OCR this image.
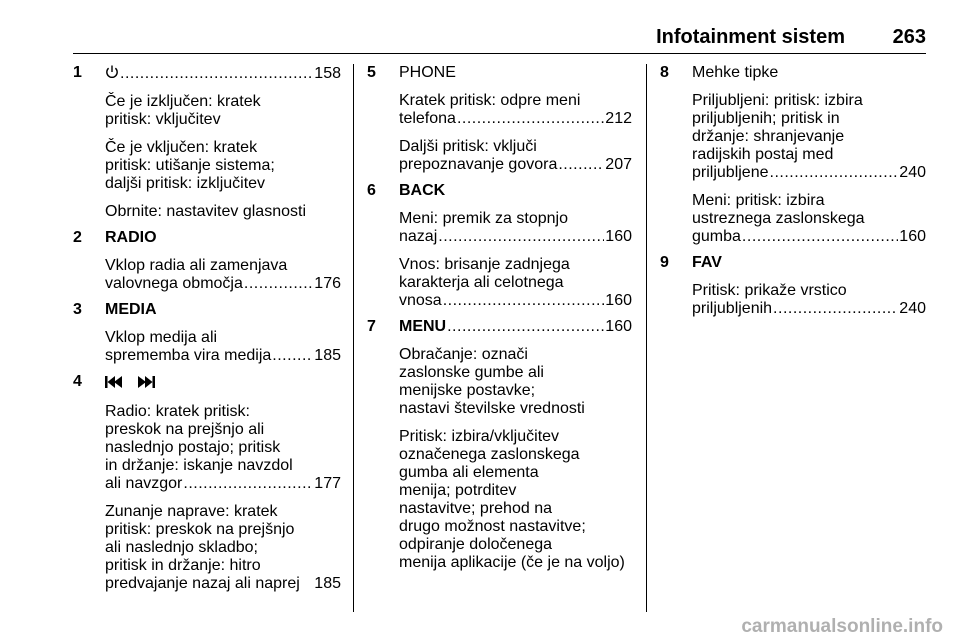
Infotainment sistem	263
1 .....	158
Če je izključen: kratek
pritisk: vključitev
Če je vključen: kratek
pritisk: utišanje sistema;
daljši pritisk: izključitev
Obrnite: nastavitev glasnosti
2	RADIO
Vklop radia ali zamenjava
valovnega območja .....	176
3	MEDIA
Vklop medija ali
sprememba vira medija .....	185
4
Radio: kratek pritisk:
preskok na prejšnjo ali
naslednjo postajo; pritisk
in držanje: iskanje navzdol
ali navzgor .....	177
Zunanje naprave: kratek
pritisk: preskok na prejšnjo
ali naslednjo skladbo;
pritisk in držanje: hitro
predvajanje nazaj ali naprej 185
5	PHONE
Kratek pritisk: odpre meni
telefona .....	212
Daljši pritisk: vključi
prepoznavanje govora .....	207
6	BACK
Meni: premik za stopnjo
nazaj .....	160
Vnos: brisanje zadnjega
karakterja ali celotnega
vnosa .....	160
7	MENU .....	160
Obračanje: označi
zaslonske gumbe ali
menijske postavke;
nastavi številske vrednosti
Pritisk: izbira/vključitev
označenega zaslonskega
gumba ali elementa
menija; potrditev
nastavitve; prehod na
drugo možnost nastavitve;
odpiranje določenega
menija aplikacije (če je na voljo)
8	Mehke tipke
Priljubljeni: pritisk: izbira
priljubljenih; pritisk in
držanje: shranjevanje
radijskih postaj med
priljubljene .....	240
Meni: pritisk: izbira
ustreznega zaslonskega
gumba .....	160
9	FAV
Pritisk: prikaže vrstico
priljubljenih .....	240
carmanualsonline.info
